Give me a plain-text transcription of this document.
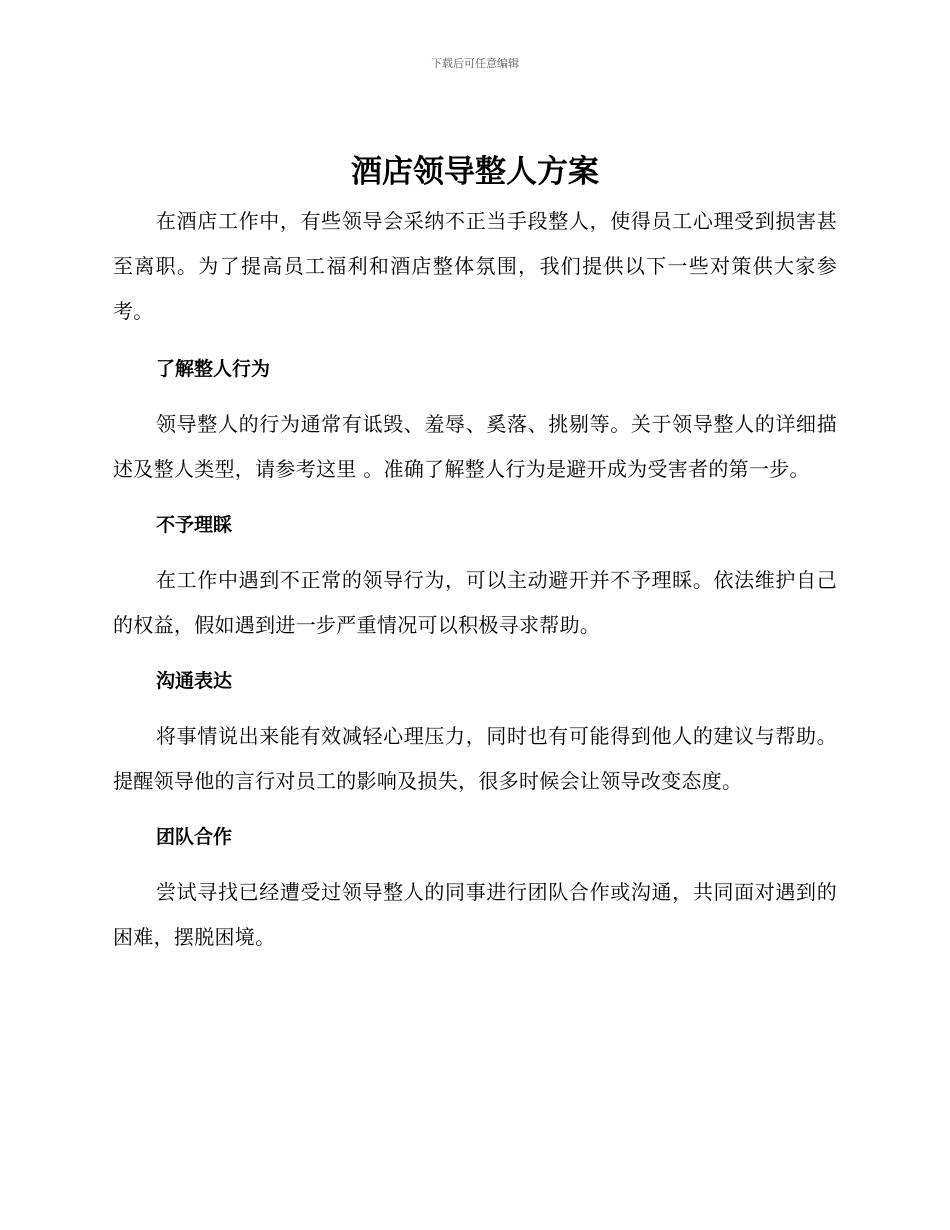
下载后可任意编辑
酒店领导整人方案

在酒店工作中，有些领导会采纳不正当手段整人，使得员工心理受到损害甚至离职。为了提高员工福利和酒店整体氛围，我们提供以下一些对策供大家参考。

了解整人行为

领导整人的行为通常有诋毁、羞辱、奚落、挑剔等。关于领导整人的详细描述及整人类型，请参考这里 。准确了解整人行为是避开成为受害者的第一步。

不予理睬

在工作中遇到不正常的领导行为，可以主动避开并不予理睬。依法维护自己的权益，假如遇到进一步严重情况可以积极寻求帮助。

沟通表达

将事情说出来能有效减轻心理压力，同时也有可能得到他人的建议与帮助。提醒领导他的言行对员工的影响及损失，很多时候会让领导改变态度。

团队合作

尝试寻找已经遭受过领导整人的同事进行团队合作或沟通，共同面对遇到的困难，摆脱困境。
